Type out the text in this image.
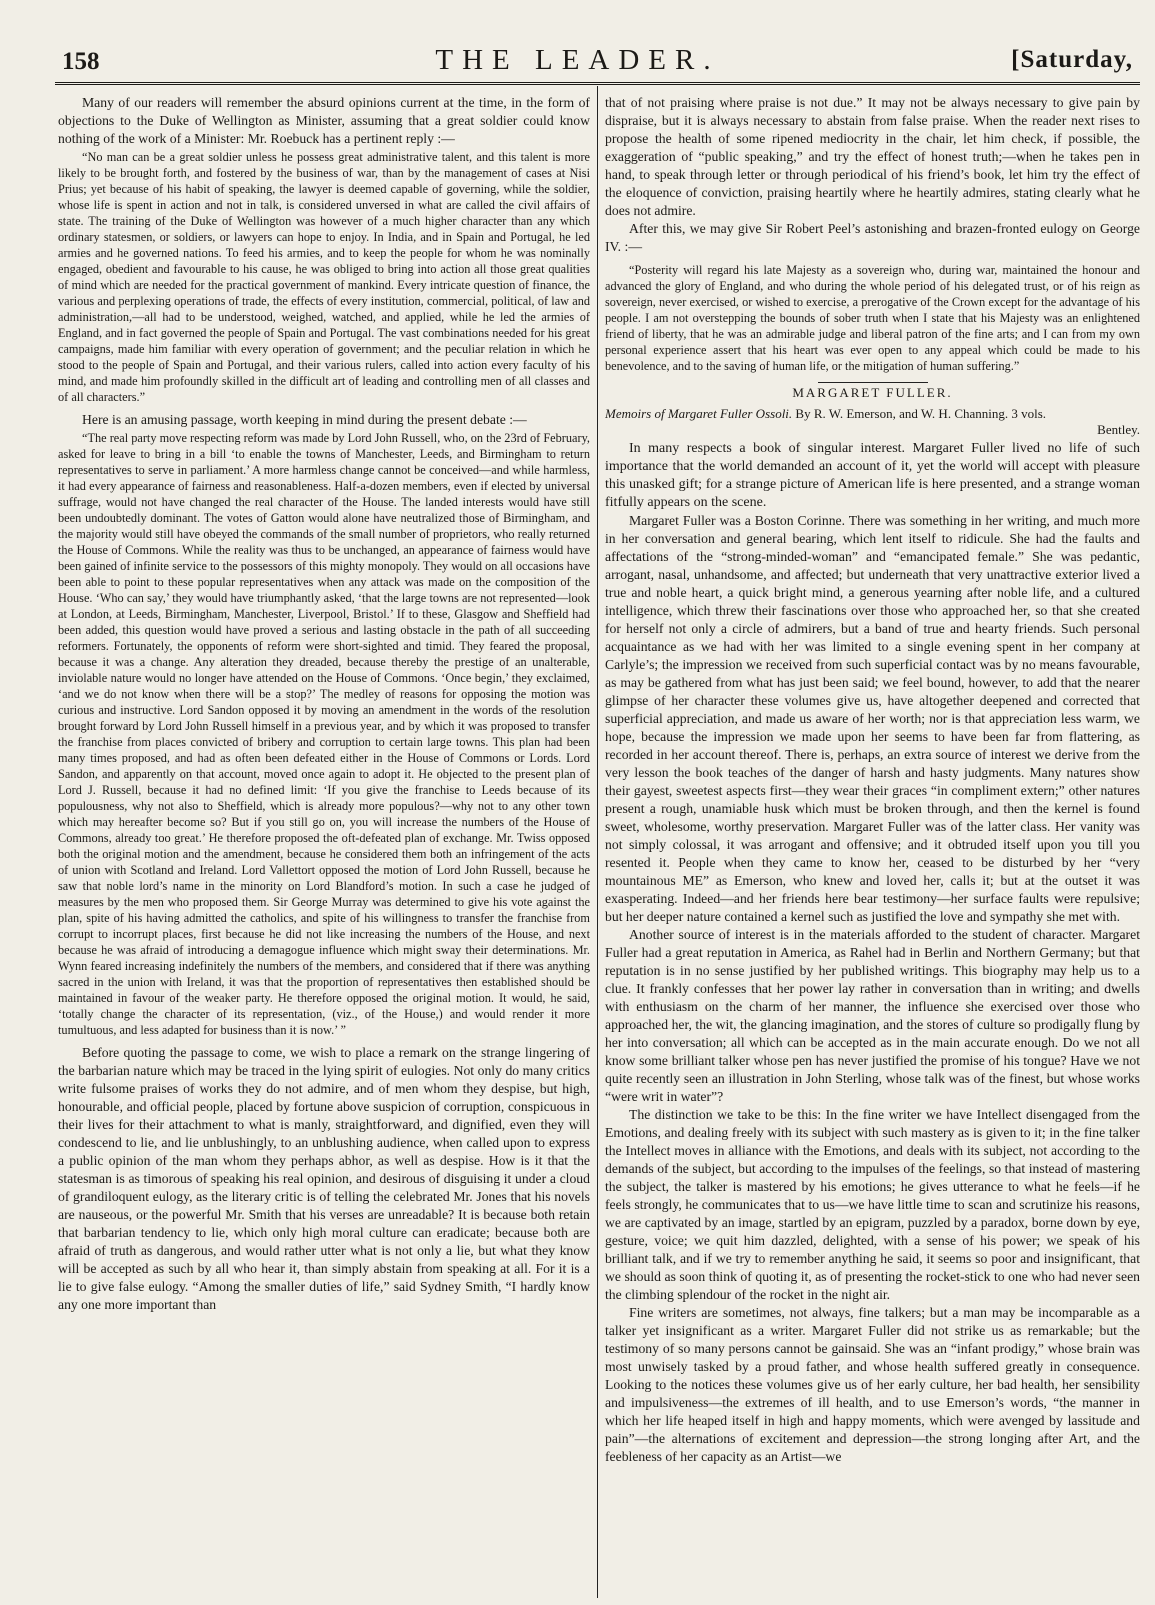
158	THE LEADER.	[Saturday,

Many of our readers will remember the absurd opinions current at the time, in the form of objections to the Duke of Wellington as Minister, assuming that a great soldier could know nothing of the work of a Minister: Mr. Roebuck has a pertinent reply :—

“No man can be a great soldier unless he possess great administrative talent, and this talent is more likely to be brought forth, and fostered by the business of war, than by the management of cases at Nisi Prius; yet because of his habit of speaking, the lawyer is deemed capable of governing, while the soldier, whose life is spent in action and not in talk, is considered unversed in what are called the civil affairs of state. The training of the Duke of Wellington was however of a much higher character than any which ordinary statesmen, or soldiers, or lawyers can hope to enjoy. In India, and in Spain and Portugal, he led armies and he governed nations. To feed his armies, and to keep the people for whom he was nominally engaged, obedient and favourable to his cause, he was obliged to bring into action all those great qualities of mind which are needed for the practical government of mankind. Every intricate question of finance, the various and perplexing operations of trade, the effects of every institution, commercial, political, of law and administration,—all had to be understood, weighed, watched, and applied, while he led the armies of England, and in fact governed the people of Spain and Portugal. The vast combinations needed for his great campaigns, made him familiar with every operation of government; and the peculiar relation in which he stood to the people of Spain and Portugal, and their various rulers, called into action every faculty of his mind, and made him profoundly skilled in the difficult art of leading and controlling men of all classes and of all characters.”

Here is an amusing passage, worth keeping in mind during the present debate :—

“The real party move respecting reform was made by Lord John Russell, who, on the 23rd of February, asked for leave to bring in a bill ‘to enable the towns of Manchester, Leeds, and Birmingham to return representatives to serve in parliament.’ A more harmless change cannot be conceived—and while harmless, it had every appearance of fairness and reasonableness. Half-a-dozen members, even if elected by universal suffrage, would not have changed the real character of the House. The landed interests would have still been undoubtedly dominant. The votes of Gatton would alone have neutralized those of Birmingham, and the majority would still have obeyed the commands of the small number of proprietors, who really returned the House of Commons. While the reality was thus to be unchanged, an appearance of fairness would have been gained of infinite service to the possessors of this mighty monopoly. They would on all occasions have been able to point to these popular representatives when any attack was made on the composition of the House. ‘Who can say,’ they would have triumphantly asked, ‘that the large towns are not represented—look at London, at Leeds, Birmingham, Manchester, Liverpool, Bristol.’ If to these, Glasgow and Sheffield had been added, this question would have proved a serious and lasting obstacle in the path of all succeeding reformers. Fortunately, the opponents of reform were short-sighted and timid. They feared the proposal, because it was a change. Any alteration they dreaded, because thereby the prestige of an unalterable, inviolable nature would no longer have attended on the House of Commons. ‘Once begin,’ they exclaimed, ‘and we do not know when there will be a stop?’ The medley of reasons for opposing the motion was curious and instructive. Lord Sandon opposed it by moving an amendment in the words of the resolution brought forward by Lord John Russell himself in a previous year, and by which it was proposed to transfer the franchise from places convicted of bribery and corruption to certain large towns. This plan had been many times proposed, and had as often been defeated either in the House of Commons or Lords. Lord Sandon, and apparently on that account, moved once again to adopt it. He objected to the present plan of Lord J. Russell, because it had no defined limit: ‘If you give the franchise to Leeds because of its populousness, why not also to Sheffield, which is already more populous?—why not to any other town which may hereafter become so? But if you still go on, you will increase the numbers of the House of Commons, already too great.’ He therefore proposed the oft-defeated plan of exchange. Mr. Twiss opposed both the original motion and the amendment, because he considered them both an infringement of the acts of union with Scotland and Ireland. Lord Vallettort opposed the motion of Lord John Russell, because he saw that noble lord’s name in the minority on Lord Blandford’s motion. In such a case he judged of measures by the men who proposed them. Sir George Murray was determined to give his vote against the plan, spite of his having admitted the catholics, and spite of his willingness to transfer the franchise from corrupt to incorrupt places, first because he did not like increasing the numbers of the House, and next because he was afraid of introducing a demagogue influence which might sway their determinations. Mr. Wynn feared increasing indefinitely the numbers of the members, and considered that if there was anything sacred in the union with Ireland, it was that the proportion of representatives then established should be maintained in favour of the weaker party. He therefore opposed the original motion. It would, he said, ‘totally change the character of its representation, (viz., of the House,) and would render it more tumultuous, and less adapted for business than it is now.’ ”

Before quoting the passage to come, we wish to place a remark on the strange lingering of the barbarian nature which may be traced in the lying spirit of eulogies. Not only do many critics write fulsome praises of works they do not admire, and of men whom they despise, but high, honourable, and official people, placed by fortune above suspicion of corruption, conspicuous in their lives for their attachment to what is manly, straightforward, and dignified, even they will condescend to lie, and lie unblushingly, to an unblushing audience, when called upon to express a public opinion of the man whom they perhaps abhor, as well as despise. How is it that the statesman is as timorous of speaking his real opinion, and desirous of disguising it under a cloud of grandiloquent eulogy, as the literary critic is of telling the celebrated Mr. Jones that his novels are nauseous, or the powerful Mr. Smith that his verses are unreadable? It is because both retain that barbarian tendency to lie, which only high moral culture can eradicate; because both are afraid of truth as dangerous, and would rather utter what is not only a lie, but what they know will be accepted as such by all who hear it, than simply abstain from speaking at all. For it is a lie to give false eulogy. “Among the smaller duties of life,” said Sydney Smith, “I hardly know any one more important than

that of not praising where praise is not due.” It may not be always necessary to give pain by dispraise, but it is always necessary to abstain from false praise. When the reader next rises to propose the health of some ripened mediocrity in the chair, let him check, if possible, the exaggeration of “public speaking,” and try the effect of honest truth;—when he takes pen in hand, to speak through letter or through periodical of his friend’s book, let him try the effect of the eloquence of conviction, praising heartily where he heartily admires, stating clearly what he does not admire.

After this, we may give Sir Robert Peel’s astonishing and brazen-fronted eulogy on George IV. :—

“Posterity will regard his late Majesty as a sovereign who, during war, maintained the honour and advanced the glory of England, and who during the whole period of his delegated trust, or of his reign as sovereign, never exercised, or wished to exercise, a prerogative of the Crown except for the advantage of his people. I am not overstepping the bounds of sober truth when I state that his Majesty was an enlightened friend of liberty, that he was an admirable judge and liberal patron of the fine arts; and I can from my own personal experience assert that his heart was ever open to any appeal which could be made to his benevolence, and to the saving of human life, or the mitigation of human suffering.”

MARGARET FULLER.
Memoirs of Margaret Fuller Ossoli. By R. W. Emerson, and W. H. Channing. 3 vols.
Bentley.

In many respects a book of singular interest. Margaret Fuller lived no life of such importance that the world demanded an account of it, yet the world will accept with pleasure this unasked gift; for a strange picture of American life is here presented, and a strange woman fitfully appears on the scene.

Margaret Fuller was a Boston Corinne. There was something in her writing, and much more in her conversation and general bearing, which lent itself to ridicule. She had the faults and affectations of the “strong-minded-woman” and “emancipated female.” She was pedantic, arrogant, nasal, unhandsome, and affected; but underneath that very unattractive exterior lived a true and noble heart, a quick bright mind, a generous yearning after noble life, and a cultured intelligence, which threw their fascinations over those who approached her, so that she created for herself not only a circle of admirers, but a band of true and hearty friends. Such personal acquaintance as we had with her was limited to a single evening spent in her company at Carlyle’s; the impression we received from such superficial contact was by no means favourable, as may be gathered from what has just been said; we feel bound, however, to add that the nearer glimpse of her character these volumes give us, have altogether deepened and corrected that superficial appreciation, and made us aware of her worth; nor is that appreciation less warm, we hope, because the impression we made upon her seems to have been far from flattering, as recorded in her account thereof. There is, perhaps, an extra source of interest we derive from the very lesson the book teaches of the danger of harsh and hasty judgments. Many natures show their gayest, sweetest aspects first—they wear their graces “in compliment extern;” other natures present a rough, unamiable husk which must be broken through, and then the kernel is found sweet, wholesome, worthy preservation. Margaret Fuller was of the latter class. Her vanity was not simply colossal, it was arrogant and offensive; and it obtruded itself upon you till you resented it. People when they came to know her, ceased to be disturbed by her “very mountainous ME” as Emerson, who knew and loved her, calls it; but at the outset it was exasperating. Indeed—and her friends here bear testimony—her surface faults were repulsive; but her deeper nature contained a kernel such as justified the love and sympathy she met with.

Another source of interest is in the materials afforded to the student of character. Margaret Fuller had a great reputation in America, as Rahel had in Berlin and Northern Germany; but that reputation is in no sense justified by her published writings. This biography may help us to a clue. It frankly confesses that her power lay rather in conversation than in writing; and dwells with enthusiasm on the charm of her manner, the influence she exercised over those who approached her, the wit, the glancing imagination, and the stores of culture so prodigally flung by her into conversation; all which can be accepted as in the main accurate enough. Do we not all know some brilliant talker whose pen has never justified the promise of his tongue? Have we not quite recently seen an illustration in John Sterling, whose talk was of the finest, but whose works “were writ in water”?

The distinction we take to be this: In the fine writer we have Intellect disengaged from the Emotions, and dealing freely with its subject with such mastery as is given to it; in the fine talker the Intellect moves in alliance with the Emotions, and deals with its subject, not according to the demands of the subject, but according to the impulses of the feelings, so that instead of mastering the subject, the talker is mastered by his emotions; he gives utterance to what he feels—if he feels strongly, he communicates that to us—we have little time to scan and scrutinize his reasons, we are captivated by an image, startled by an epigram, puzzled by a paradox, borne down by eye, gesture, voice; we quit him dazzled, delighted, with a sense of his power; we speak of his brilliant talk, and if we try to remember anything he said, it seems so poor and insignificant, that we should as soon think of quoting it, as of presenting the rocket-stick to one who had never seen the climbing splendour of the rocket in the night air.

Fine writers are sometimes, not always, fine talkers; but a man may be incomparable as a talker yet insignificant as a writer. Margaret Fuller did not strike us as remarkable; but the testimony of so many persons cannot be gainsaid. She was an “infant prodigy,” whose brain was most unwisely tasked by a proud father, and whose health suffered greatly in consequence. Looking to the notices these volumes give us of her early culture, her bad health, her sensibility and impulsiveness—the extremes of ill health, and to use Emerson’s words, “the manner in which her life heaped itself in high and happy moments, which were avenged by lassitude and pain”—the alternations of excitement and depression—the strong longing after Art, and the feebleness of her capacity as an Artist—we
